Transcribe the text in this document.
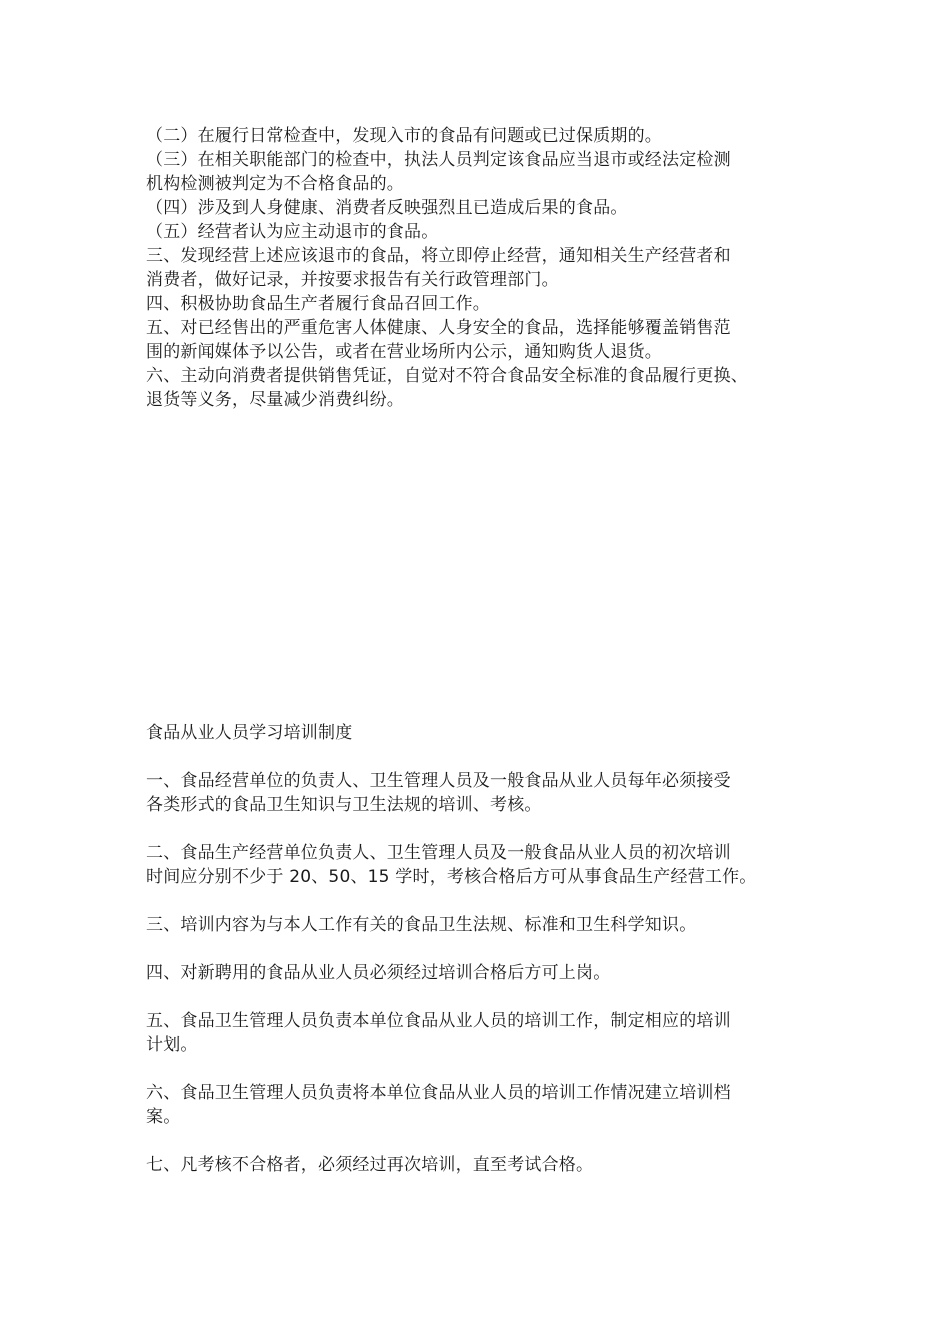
（二）在履行日常检查中，发现入市的食品有问题或已过保质期的。
（三）在相关职能部门的检查中，执法人员判定该食品应当退市或经法定检测
机构检测被判定为不合格食品的。
（四）涉及到人身健康、消费者反映强烈且已造成后果的食品。
（五）经营者认为应主动退市的食品。
三、发现经营上述应该退市的食品，将立即停止经营，通知相关生产经营者和
消费者，做好记录，并按要求报告有关行政管理部门。
四、积极协助食品生产者履行食品召回工作。
五、对已经售出的严重危害人体健康、人身安全的食品，选择能够覆盖销售范
围的新闻媒体予以公告，或者在营业场所内公示，通知购货人退货。
六、主动向消费者提供销售凭证，自觉对不符合食品安全标准的食品履行更换、
退货等义务，尽量减少消费纠纷。
食品从业人员学习培训制度
一、食品经营单位的负责人、卫生管理人员及一般食品从业人员每年必须接受
各类形式的食品卫生知识与卫生法规的培训、考核。
二、食品生产经营单位负责人、卫生管理人员及一般食品从业人员的初次培训
时间应分别不少于 20、50、15 学时，考核合格后方可从事食品生产经营工作。
三、培训内容为与本人工作有关的食品卫生法规、标准和卫生科学知识。
四、对新聘用的食品从业人员必须经过培训合格后方可上岗。
五、食品卫生管理人员负责本单位食品从业人员的培训工作，制定相应的培训
计划。
六、食品卫生管理人员负责将本单位食品从业人员的培训工作情况建立培训档
案。
七、凡考核不合格者，必须经过再次培训，直至考试合格。
